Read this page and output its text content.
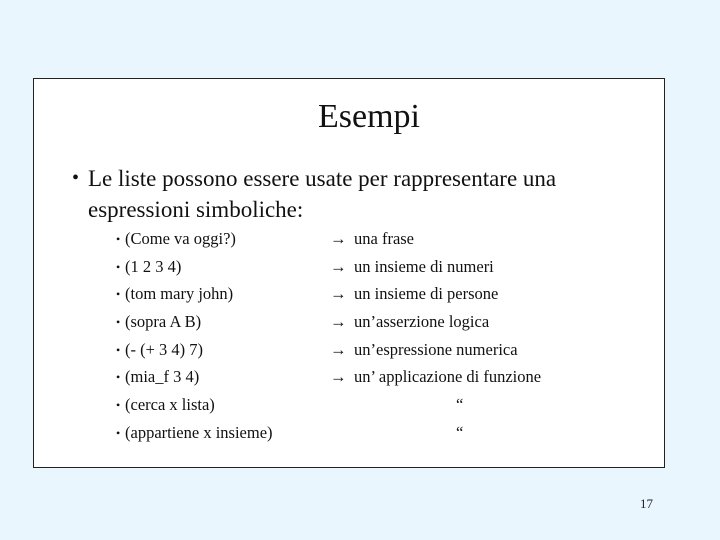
Esempi
• Le liste possono essere usate per rappresentare una espressioni simboliche:
• (Come va oggi?)	→ una frase
• (1 2 3 4)	→ un insieme di numeri
• (tom mary john)	→ un insieme di persone
• (sopra A B)	→ un’asserzione logica
• (- (+ 3 4) 7)	→ un’espressione numerica
• (mia_f 3 4)	→ un’ applicazione di funzione
• (cerca x lista)	“
• (appartiene x insieme)	“
17
